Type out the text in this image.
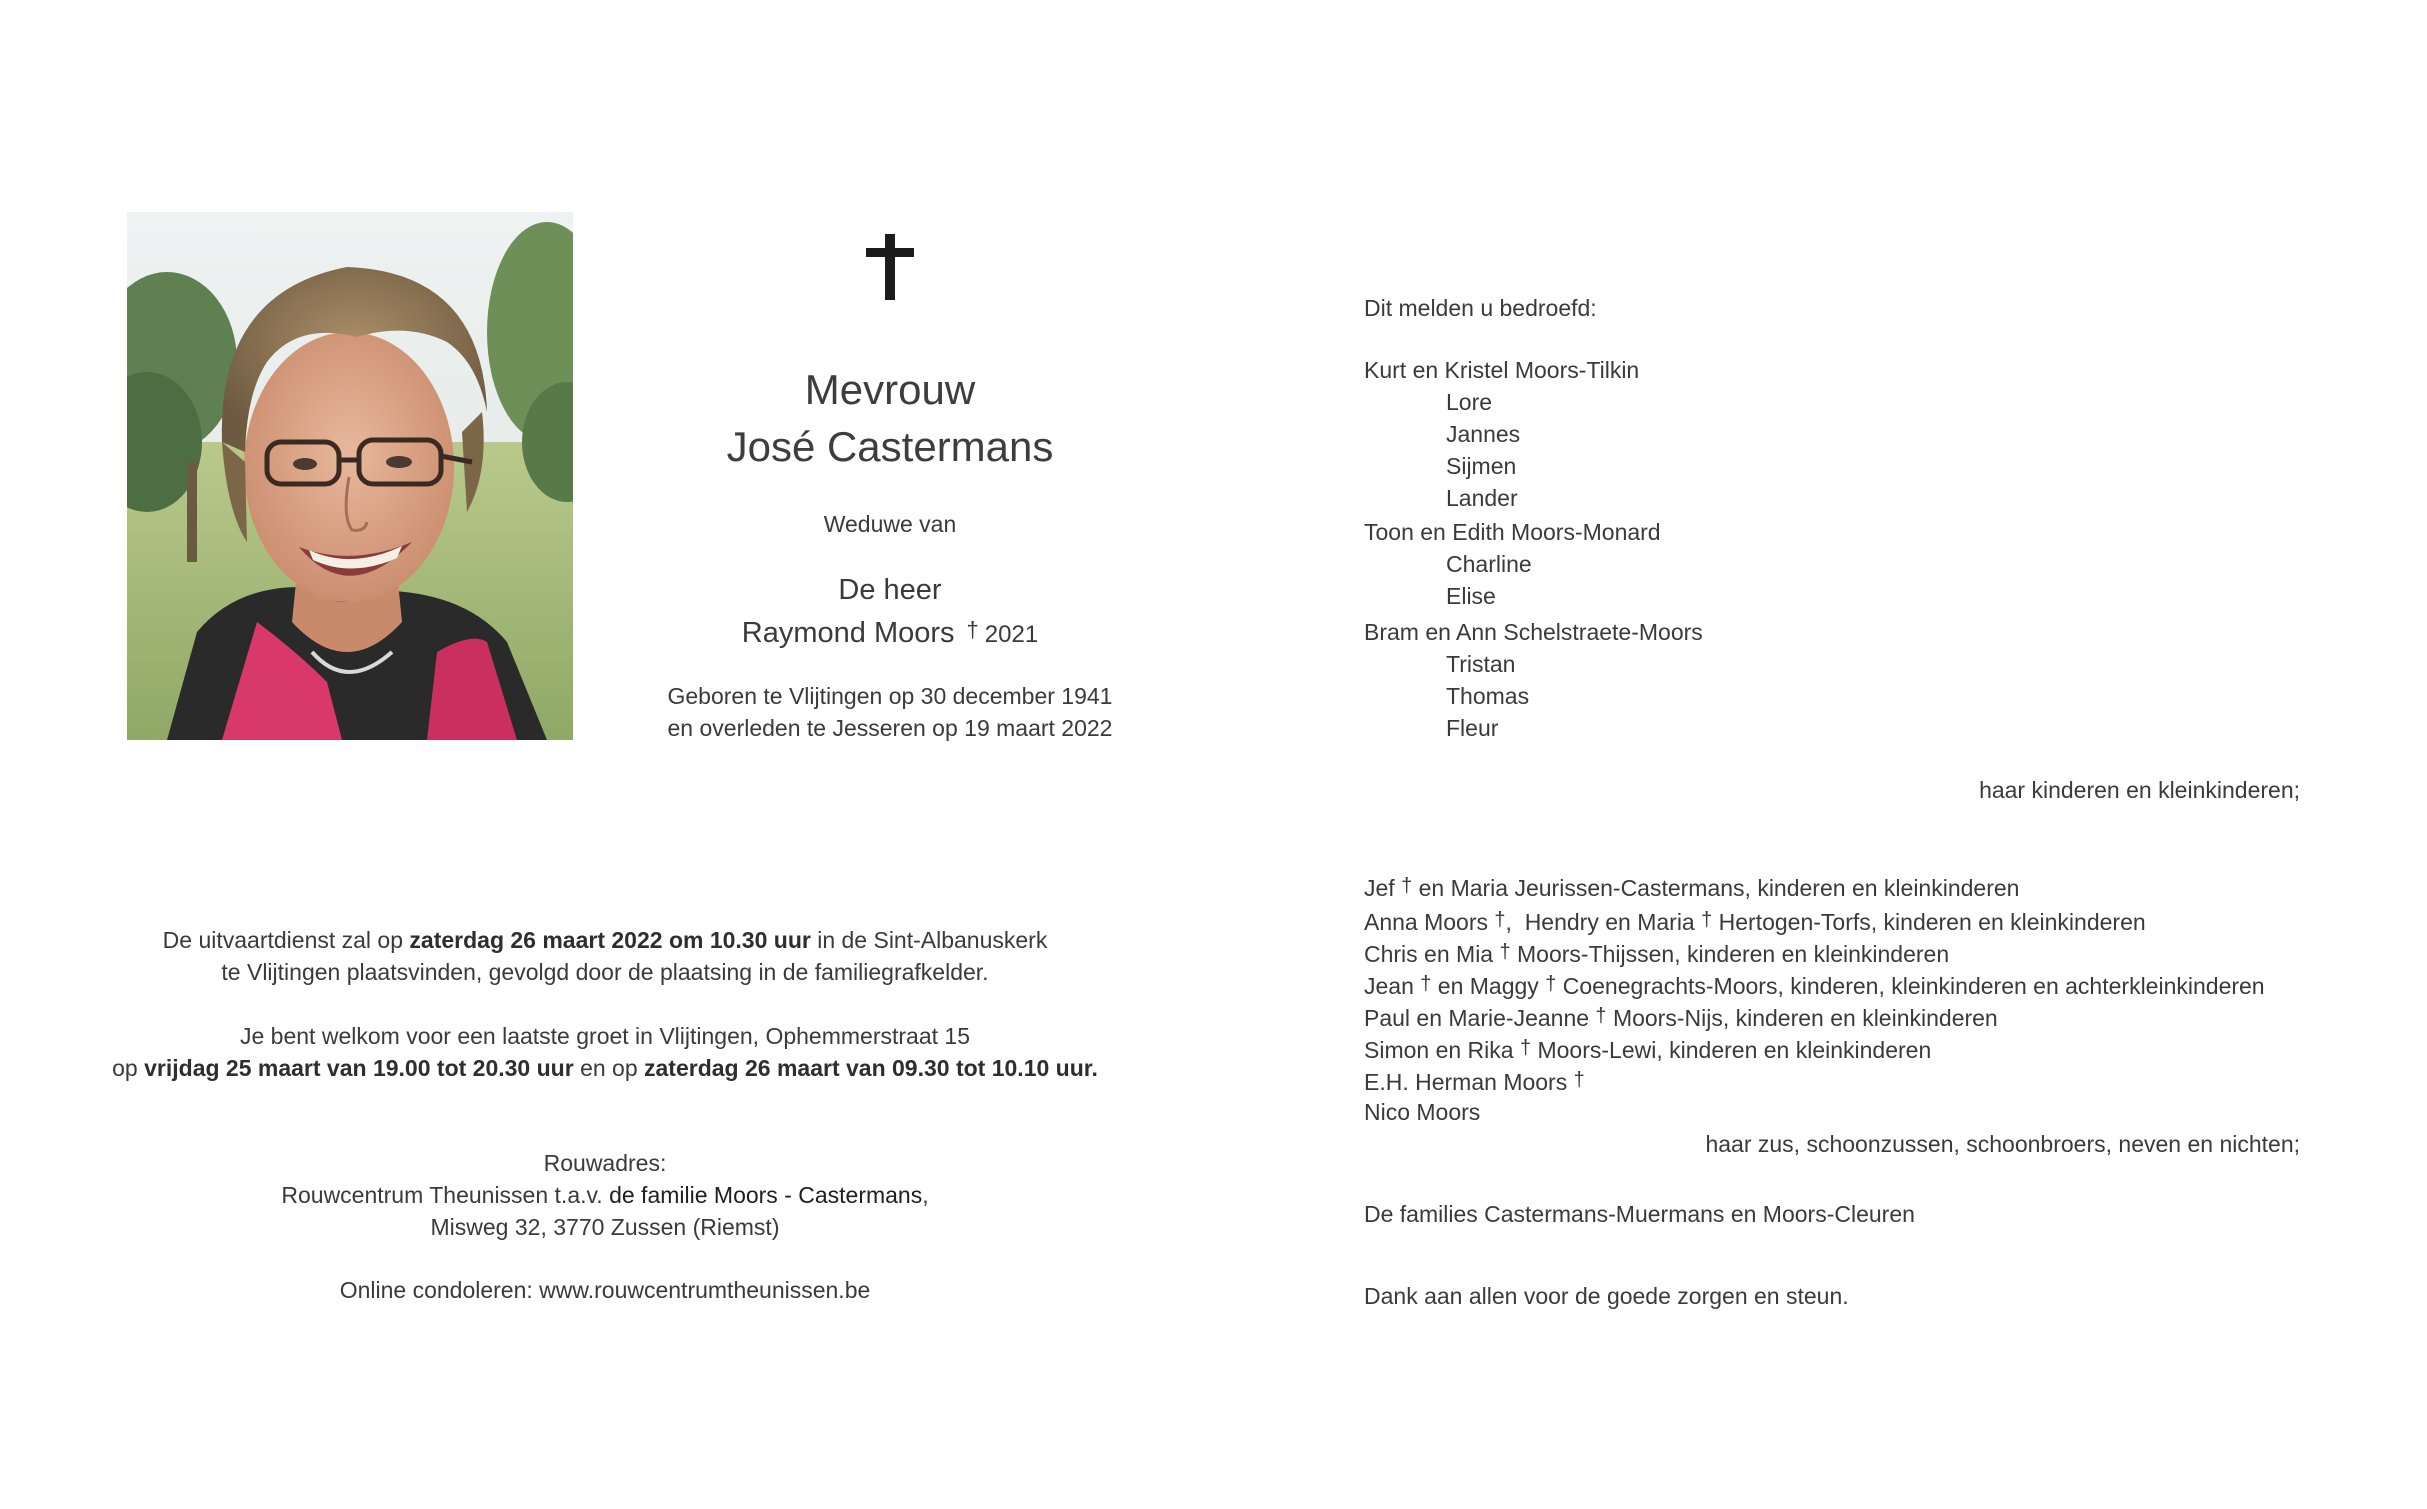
Mevrouw
José Castermans
Weduwe van
De heer
Raymond Moors † 2021
Geboren te Vlijtingen op 30 december 1941
en overleden te Jesseren op 19 maart 2022
De uitvaartdienst zal op zaterdag 26 maart 2022 om 10.30 uur in de Sint-Albanuskerk
te Vlijtingen plaatsvinden, gevolgd door de plaatsing in de familiegrafkelder.
Je bent welkom voor een laatste groet in Vlijtingen, Ophemmerstraat 15
op vrijdag 25 maart van 19.00 tot 20.30 uur en op zaterdag 26 maart van 09.30 tot 10.10 uur.
Rouwadres:
Rouwcentrum Theunissen t.a.v. de familie Moors - Castermans,
Misweg 32, 3770 Zussen (Riemst)
Online condoleren: www.rouwcentrumtheunissen.be
Dit melden u bedroefd:
Kurt en Kristel Moors-Tilkin
Lore
Jannes
Sijmen
Lander
Toon en Edith Moors-Monard
Charline
Elise
Bram en Ann Schelstraete-Moors
Tristan
Thomas
Fleur
haar kinderen en kleinkinderen;
Jef † en Maria Jeurissen-Castermans, kinderen en kleinkinderen
Anna Moors †,  Hendry en Maria † Hertogen-Torfs, kinderen en kleinkinderen
Chris en Mia † Moors-Thijssen, kinderen en kleinkinderen
Jean † en Maggy † Coenegrachts-Moors, kinderen, kleinkinderen en achterkleinkinderen
Paul en Marie-Jeanne † Moors-Nijs, kinderen en kleinkinderen
Simon en Rika † Moors-Lewi, kinderen en kleinkinderen
E.H. Herman Moors †
Nico Moors
haar zus, schoonzussen, schoonbroers, neven en nichten;
De families Castermans-Muermans en Moors-Cleuren
Dank aan allen voor de goede zorgen en steun.
